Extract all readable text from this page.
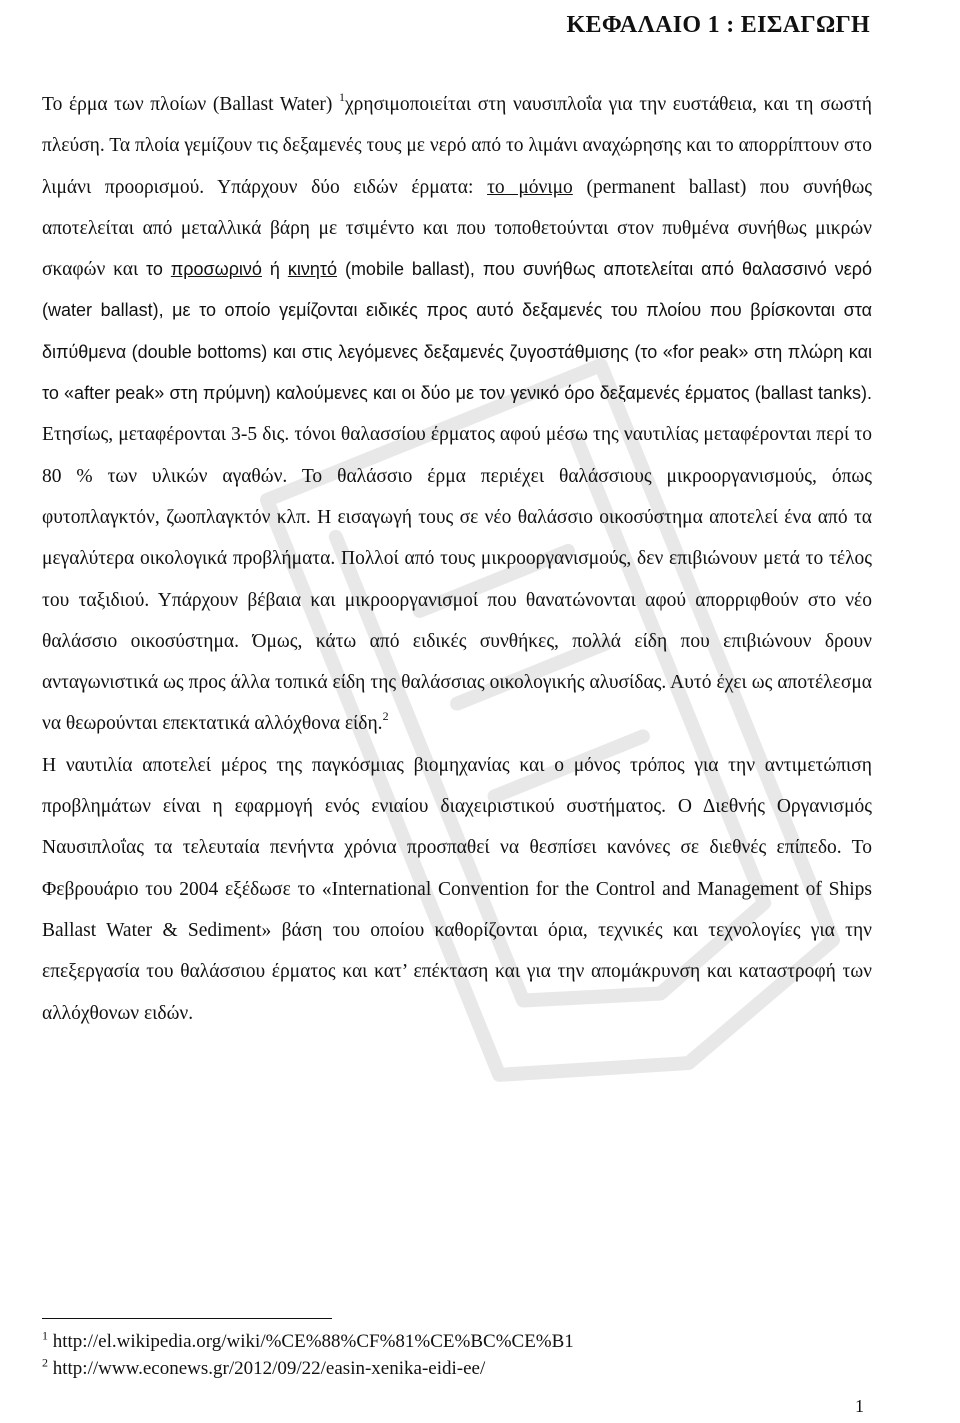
ΚΕΦΑΛΑΙΟ 1 : ΕΙΣΑΓΩΓΗ

Το έρμα των πλοίων (Ballast Water) $^1$χρησιμοποιείται στη ναυσιπλοΐα για την ευστάθεια, και τη σωστή πλεύση. Τα πλοία γεμίζουν τις δεξαμενές τους με νερό από το λιμάνι αναχώρησης και το απορρίπτουν στο λιμάνι προορισμού. Υπάρχουν δύο ειδών έρματα: το μόνιμο (permanent ballast) που συνήθως αποτελείται από μεταλλικά βάρη με τσιμέντο και που τοποθετούνται στον πυθμένα συνήθως μικρών σκαφών και το προσωρινό ή κινητό (mobile ballast), που συνήθως αποτελείται από θαλασσινό νερό (water ballast), με το οποίο γεμίζονται ειδικές προς αυτό δεξαμενές του πλοίου που βρίσκονται στα διπύθμενα (double bottoms) και στις λεγόμενες δεξαμενές ζυγοστάθμισης (το «for peak» στη πλώρη και το «after peak» στη πρύμνη) καλούμενες και οι δύο με τον γενικό όρο δεξαμενές έρματος (ballast tanks). Ετησίως, μεταφέρονται 3-5 δις. τόνοι θαλασσίου έρματος αφού μέσω της ναυτιλίας μεταφέρονται περί το 80 % των υλικών αγαθών. Το θαλάσσιο έρμα περιέχει θαλάσσιους μικροοργανισμούς, όπως φυτοπλαγκτόν, ζωοπλαγκτόν κλπ. Η εισαγωγή τους σε νέο θαλάσσιο οικοσύστημα αποτελεί ένα από τα μεγαλύτερα οικολογικά προβλήματα. Πολλοί από τους μικροοργανισμούς, δεν επιβιώνουν μετά το τέλος του ταξιδιού. Υπάρχουν βέβαια και μικροοργανισμοί που θανατώνονται αφού απορριφθούν στο νέο θαλάσσιο οικοσύστημα. Όμως, κάτω από ειδικές συνθήκες, πολλά είδη που επιβιώνουν δρουν ανταγωνιστικά ως προς άλλα τοπικά είδη της θαλάσσιας οικολογικής αλυσίδας. Αυτό έχει ως αποτέλεσμα να θεωρούνται επεκτατικά αλλόχθονα είδη.$^2$

Η ναυτιλία αποτελεί μέρος της παγκόσμιας βιομηχανίας και ο μόνος τρόπος για την αντιμετώπιση προβλημάτων είναι η εφαρμογή ενός ενιαίου διαχειριστικού συστήματος. Ο Διεθνής Οργανισμός Ναυσιπλοΐας τα τελευταία πενήντα χρόνια προσπαθεί να θεσπίσει κανόνες σε διεθνές επίπεδο. Το Φεβρουάριο του 2004 εξέδωσε το «International Convention for the Control and Management of Ships Ballast Water & Sediment» βάση του οποίου καθορίζονται όρια, τεχνικές και τεχνολογίες για την επεξεργασία του θαλάσσιου έρματος και κατ’ επέκταση και για την απομάκρυνση και καταστροφή των αλλόχθονων ειδών.

$^1$ http://el.wikipedia.org/wiki/%CE%88%CF%81%CE%BC%CE%B1
$^2$ http://www.econews.gr/2012/09/22/easin-xenika-eidi-ee/
1
